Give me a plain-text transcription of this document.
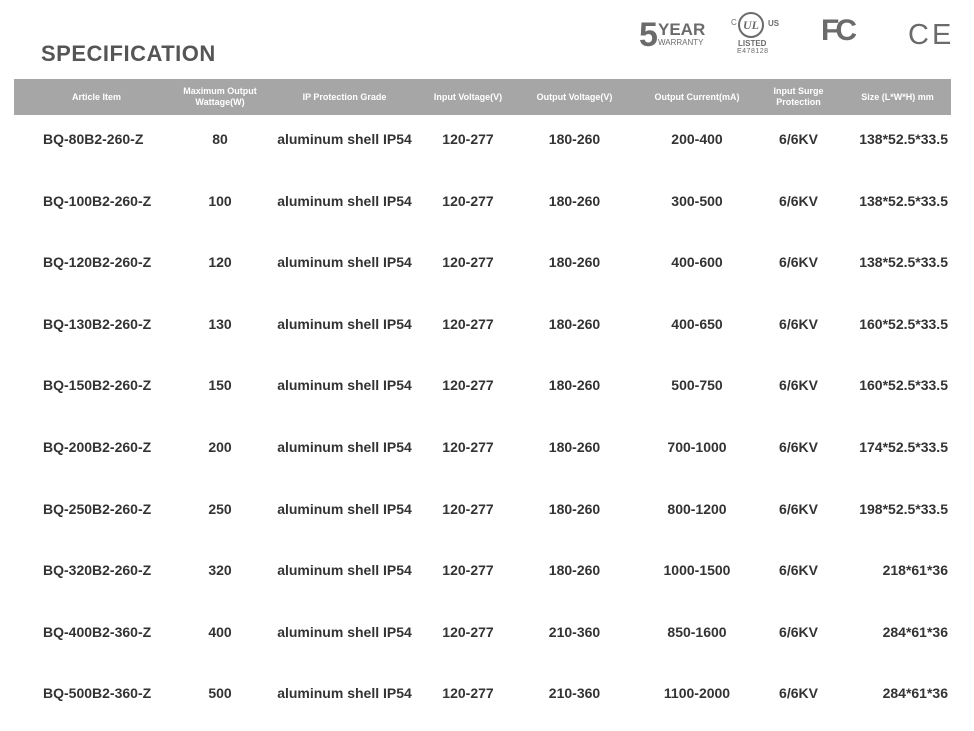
SPECIFICATION	5 YEAR
WARRANTY
C UL	US
LISTED
E478128
FC CE
Article Item	Maximum Output Wattage(W)	IP Protection Grade	Input Voltage(V)	Output Voltage(V)	Output Current(mA)	Input Surge Protection	Size (L*W*H) mm
BQ-80B2-260-Z	80	aluminum shell IP54	120-277	180-260	200-400	6/6KV	138*52.5*33.5
BQ-100B2-260-Z	100	aluminum shell IP54	120-277	180-260	300-500	6/6KV	138*52.5*33.5
BQ-120B2-260-Z	120	aluminum shell IP54	120-277	180-260	400-600	6/6KV	138*52.5*33.5
BQ-130B2-260-Z	130	aluminum shell IP54	120-277	180-260	400-650	6/6KV	160*52.5*33.5
BQ-150B2-260-Z	150	aluminum shell IP54	120-277	180-260	500-750	6/6KV	160*52.5*33.5
BQ-200B2-260-Z	200	aluminum shell IP54	120-277	180-260	700-1000	6/6KV	174*52.5*33.5
BQ-250B2-260-Z	250	aluminum shell IP54	120-277	180-260	800-1200	6/6KV	198*52.5*33.5
BQ-320B2-260-Z	320	aluminum shell IP54	120-277	180-260	1000-1500	6/6KV	218*61*36
BQ-400B2-360-Z	400	aluminum shell IP54	120-277	210-360	850-1600	6/6KV	284*61*36
BQ-500B2-360-Z	500	aluminum shell IP54	120-277	210-360	1100-2000	6/6KV	284*61*36
